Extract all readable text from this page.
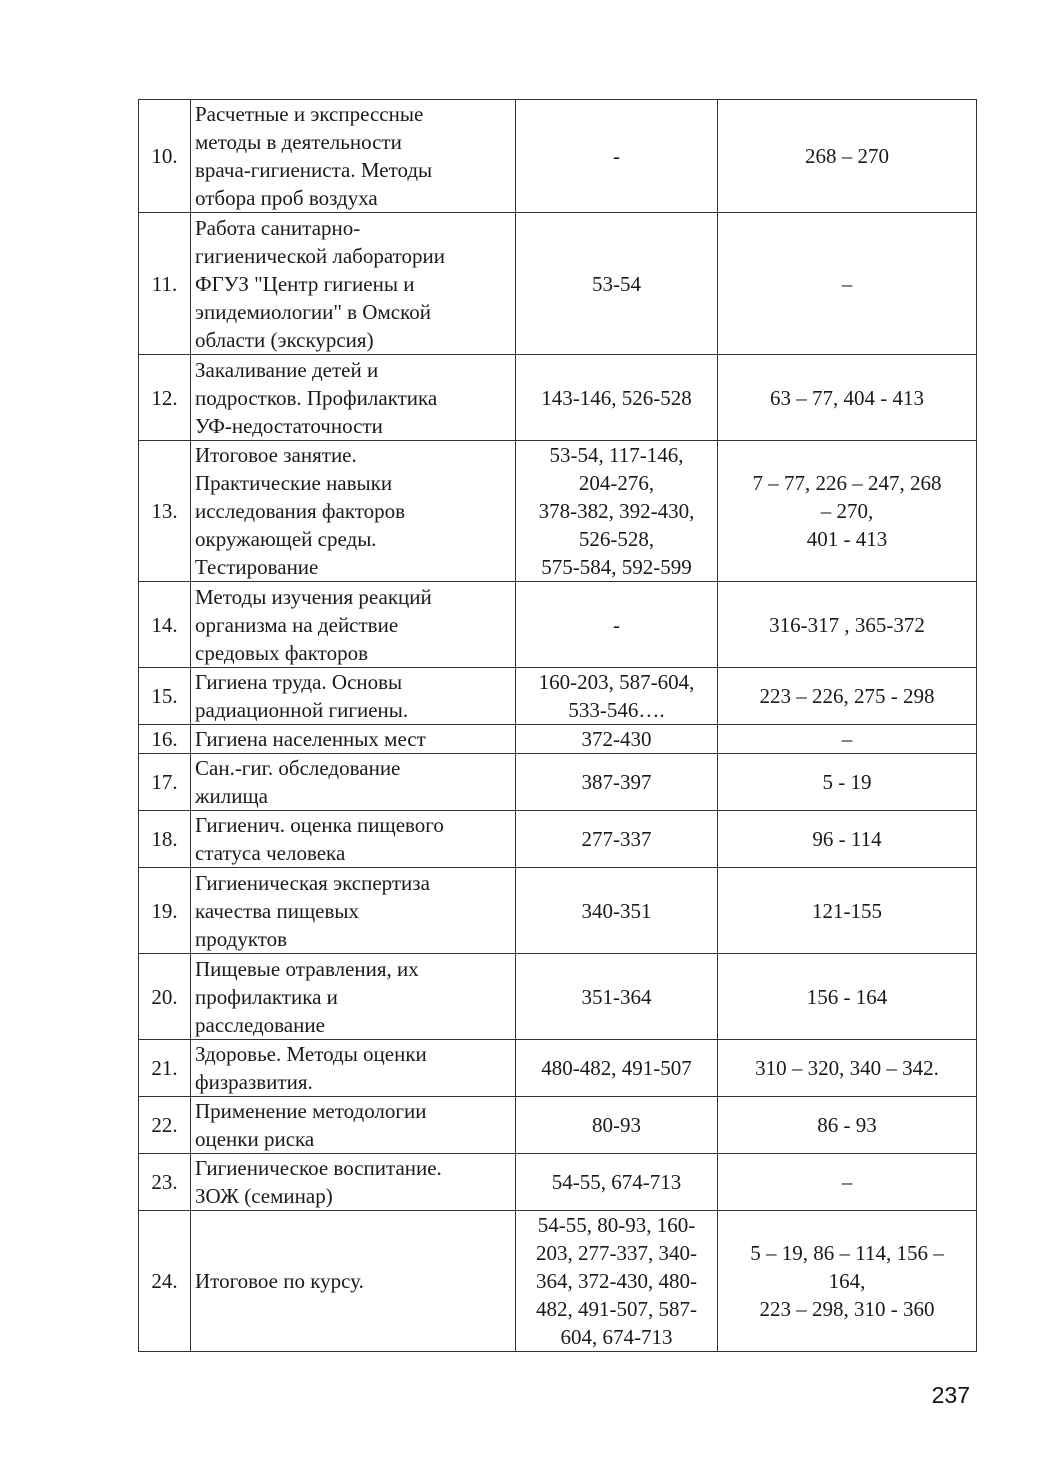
10.	Расчетные и экспрессные
методы в деятельности
врача-гигиениста. Методы
отбора проб воздуха	-	268 – 270

11.	Работа санитарно-
гигиенической лаборатории
ФГУЗ "Центр гигиены и
эпидемиологии" в Омской
области (экскурсия)	53-54	–

12.	Закаливание детей и
подростков. Профилактика
УФ-недостаточности	143-146, 526-528	63 – 77, 404 - 413

13.	Итоговое занятие.
Практические навыки
исследования факторов
окружающей среды.
Тестирование	53-54, 117-146,
204-276,
378-382, 392-430,
526-528,
575-584, 592-599	7 – 77, 226 – 247, 268
– 270,
401 - 413

14.	Методы изучения реакций
организма на действие
средовых факторов	-	316-317 , 365-372

15.	Гигиена труда. Основы
радиационной гигиены.	160-203, 587-604,
533-546….	223 – 226, 275 - 298

16.	Гигиена населенных мест	372-430	–

17.	Сан.-гиг. обследование
жилища	387-397	5 - 19

18.	Гигиенич. оценка пищевого
статуса человека	277-337	96 - 114

19.	Гигиеническая экспертиза
качества пищевых
продуктов	340-351	121-155

20.	Пищевые отравления, их
профилактика и
расследование	351-364	156 - 164

21.	Здоровье. Методы оценки
физразвития.	480-482, 491-507	310 – 320, 340 – 342.

22.	Применение методологии
оценки риска	80-93	86 - 93

23.	Гигиеническое воспитание.
ЗОЖ (семинар)	54-55, 674-713	–

24.	Итоговое по курсу.	54-55, 80-93, 160-
203, 277-337, 340-
364, 372-430, 480-
482, 491-507, 587-
604, 674-713	5 – 19, 86 – 114, 156 –
164,
223 – 298, 310 - 360
237
